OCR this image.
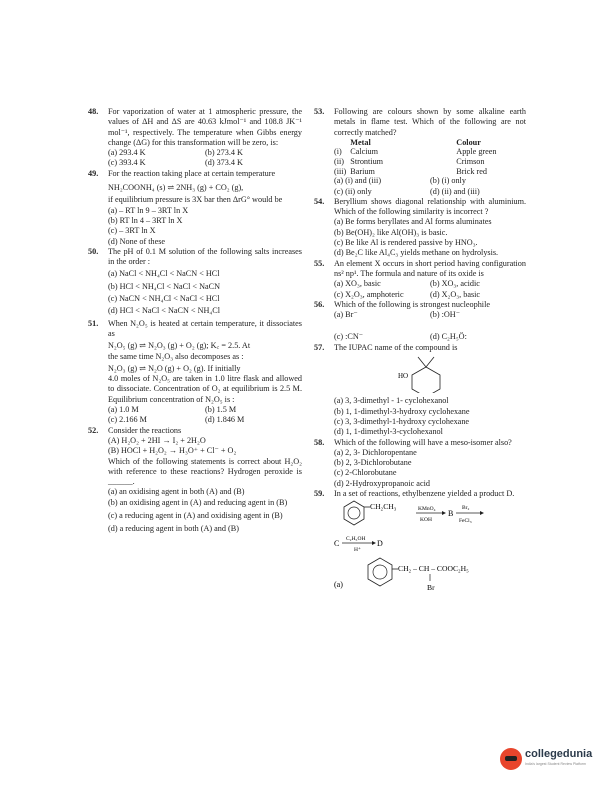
48.	For vaporization of water at 1 atmospheric pressure, the values of ΔH and ΔS are 40.63 kJmol⁻¹ and 108.8 JK⁻¹ mol⁻¹, respectively. The temperature when Gibbs energy change (ΔG) for this transformation will be zero, is:
(a) 293.4 K	(b) 273.4 K
(c) 393.4 K	(d) 373.4 K
49.	For the reaction taking place at certain temperature
NH₂COONH₄ (s) ⇌ 2NH₃ (g) + CO₂ (g),
if equilibrium pressure is 3X bar then ΔrG° would be
(a) – RT ln 9 – 3RT ln X
(b) RT ln 4 – 3RT ln X
(c) – 3RT ln X
(d) None of these
50.	The pH of 0.1 M solution of the following salts increases in the order :
(a) NaCl < NH₄Cl < NaCN < HCl
(b) HCl < NH₄Cl < NaCl < NaCN
(c) NaCN < NH₄Cl < NaCl < HCl
(d) HCl < NaCl < NaCN < NH₄Cl
51.	When N₂O₅ is heated at certain temperature, it dissociates as
N₂O₅ (g) ⇌ N₂O₃ (g) + O₂ (g); K꜀ = 2.5. At
the same time N₂O₃ also decomposes as :
N₂O₃ (g) ⇌ N₂O (g) + O₂ (g). If initially
4.0 moles of N₂O₅ are taken in 1.0 litre flask and allowed to dissociate. Concentration of O₂ at equilibrium is 2.5 M. Equilibrium concentration of N₂O₅ is :
(a) 1.0 M	(b) 1.5 M
(c) 2.166 M	(d) 1.846 M
52.	Consider the reactions
(A) H₂O₂ + 2HI → I₂ + 2H₂O
(B) HOCl + H₂O₂ → H₃O⁺ + Cl⁻ + O₂
Which of the following statements is correct about H₂O₂ with reference to these reactions? Hydrogen peroxide is ______.
(a) an oxidising agent in both (A) and (B)
(b) an oxidising agent in (A) and reducing agent in (B)
(c) a reducing agent in (A) and oxidising agent in (B)
(d) a reducing agent in both (A) and (B)
53.	Following are colours shown by some alkaline earth metals in flame test. Which of the following are not correctly matched?
	Metal	Colour
(i)	Calcium	Apple green
(ii)	Strontium	Crimson
(iii)	Barium	Brick red
(a) (i) and (iii)	(b) (i) only
(c) (ii) only	(d) (ii) and (iii)
54.	Beryllium shows diagonal relationship with aluminium. Which of the following similarity is incorrect ?
(a) Be forms beryllates and Al forms aluminates
(b) Be(OH)₂ like Al(OH)₃ is basic.
(c) Be like Al is rendered passive by HNO₃.
(d) Be₂C like Al₄C₃ yields methane on hydrolysis.
55.	An element X occurs in short period having configuration ns² np¹. The formula and nature of its oxide is
(a) XO₃, basic	(b) XO₃, acidic
(c) X₂O₃, amphoteric	(d) X₂O₃, basic
56.	Which of the following is strongest nucleophile
(a) Br⁻	(b) :OH⁻
(c) :CN⁻	(d) C₂H₅Ö:
57.	The IUPAC name of the compound is
HO
(a) 3, 3-dimethyl - 1- cyclohexanol
(b) 1, 1-dimethyl-3-hydroxy cyclohexane
(c) 3, 3-dimethyl-1-hydroxy cyclohexane
(d) 1, 1-dimethyl-3-cyclohexanol
58.	Which of the following will have a meso-isomer also?
(a) 2, 3- Dichloropentane
(b) 2, 3-Dichlorobutane
(c) 2-Chlorobutane
(d) 2-Hydroxypropanoic acid
59.	In a set of reactions, ethylbenzene yielded a product D.
CH₂CH₃	KMnO₄
KOH
B
Br₂
FeCl₃
C C₂H₅OH
H⁺
D
(a)
CH₂ – CH – COOC₂H₅
Br
collegedunia
India's largest Student Review Platform
